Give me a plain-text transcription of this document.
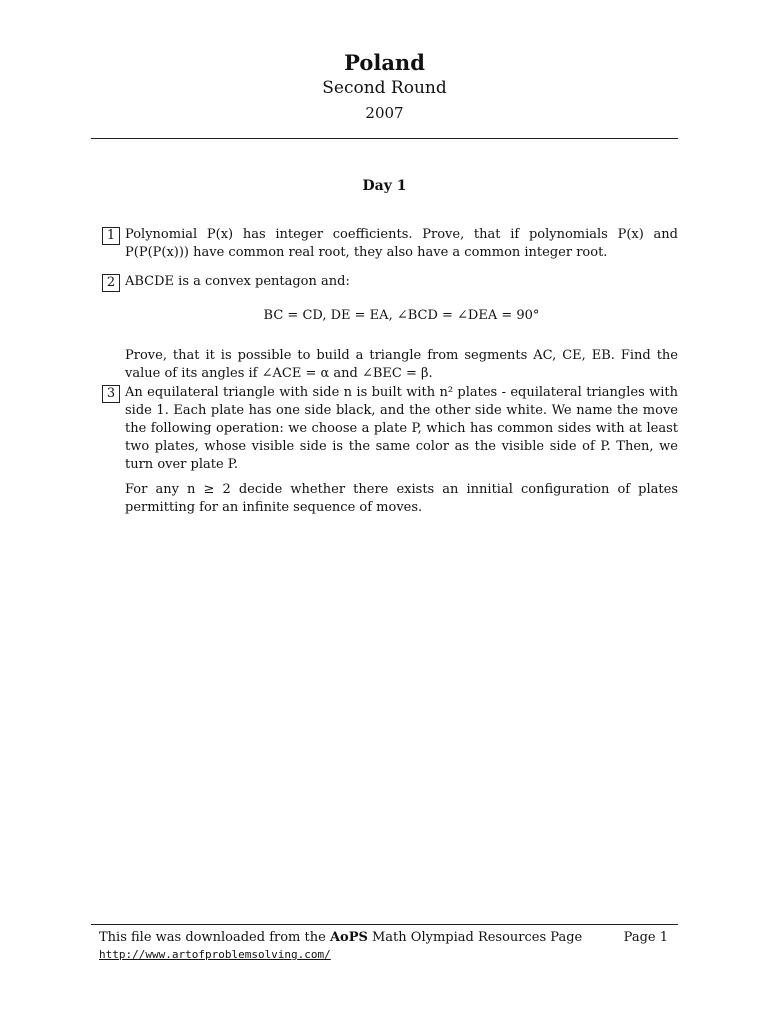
Poland
Second Round
2007
Day 1
1 Polynomial P(x) has integer coefficients. Prove, that if polynomials P(x) and P(P(P(x))) have common real root, they also have a common integer root.

2 ABCDE is a convex pentagon and:

BC = CD, DE = EA, ∠BCD = ∠DEA = 90°

Prove, that it is possible to build a triangle from segments AC, CE, EB. Find the value of its angles if ∠ACE = α and ∠BEC = β.

3 An equilateral triangle with side n is built with n² plates - equilateral triangles with side 1. Each plate has one side black, and the other side white. We name the move the following operation: we choose a plate P, which has common sides with at least two plates, whose visible side is the same color as the visible side of P. Then, we turn over plate P.

For any n ≥ 2 decide whether there exists an innitial configuration of plates permitting for an infinite sequence of moves.

This file was downloaded from the AoPS Math Olympiad Resources Page	Page 1
http://www.artofproblemsolving.com/
